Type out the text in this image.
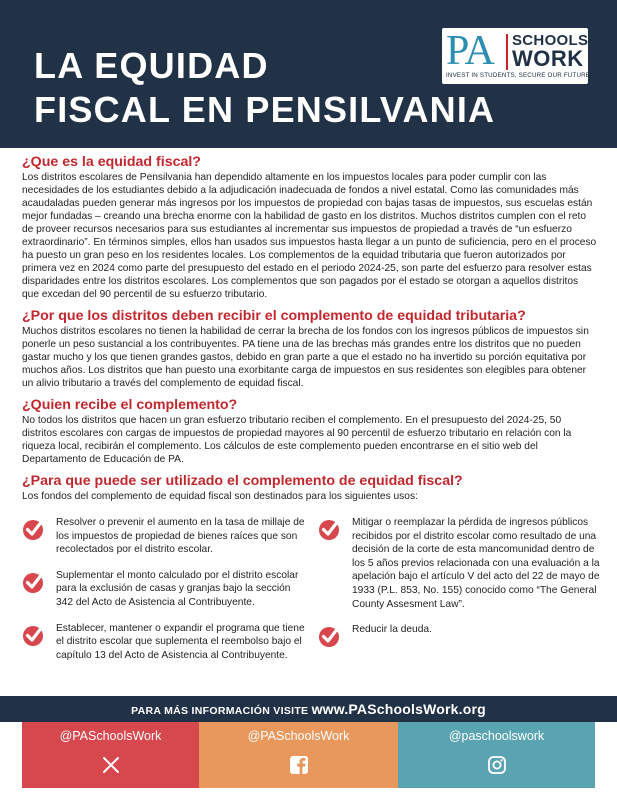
LA EQUIDAD
FISCAL EN PENSILVANIA
PA SCHOOLS
WORK
INVEST IN STUDENTS, SECURE OUR FUTURE
¿Que es la equidad fiscal?

Los distritos escolares de Pensilvania han dependido altamente en los impuestos locales para poder cumplir con las necesidades de los estudiantes debido a la adjudicación inadecuada de fondos a nivel estatal. Como las comunidades más acaudaladas pueden generar más ingresos por los impuestos de propiedad con bajas tasas de impuestos, sus escuelas están mejor fundadas – creando una brecha enorme con la habilidad de gasto en los distritos. Muchos distritos cumplen con el reto de proveer recursos necesarios para sus estudiantes al incrementar sus impuestos de propiedad a través de “un esfuerzo extraordinario”. En términos simples, ellos han usados sus impuestos hasta llegar a un punto de suficiencia, pero en el proceso ha puesto un gran peso en los residentes locales. Los complementos de la equidad tributaria que fueron autorizados por primera vez en 2024 como parte del presupuesto del estado en el periodo 2024-25, son parte del esfuerzo para resolver estas disparidades entre los distritos escolares. Los complementos que son pagados por el estado se otorgan a aquellos distritos que excedan del 90 percentil de su esfuerzo tributario.

¿Por que los distritos deben recibir el complemento de equidad tributaria?

Muchos distritos escolares no tienen la habilidad de cerrar la brecha de los fondos con los ingresos públicos de impuestos sin ponerle un peso sustancial a los contribuyentes. PA tiene una de las brechas más grandes entre los distritos que no pueden gastar mucho y los que tienen grandes gastos, debido en gran parte a que el estado no ha invertido su porción equitativa por muchos años. Los distritos que han puesto una exorbitante carga de impuestos en sus residentes son elegibles para obtener un alivio tributario a través del complemento de equidad fiscal.

¿Quien recibe el complemento?

No todos los distritos que hacen un gran esfuerzo tributario reciben el complemento. En el presupuesto del 2024-25, 50 distritos escolares con cargas de impuestos de propiedad mayores al 90 percentil de esfuerzo tributario en relación con la riqueza local, recibirán el complemento. Los cálculos de este complemento pueden encontrarse en el sitio web del Departamento de Educación de PA.

¿Para que puede ser utilizado el complemento de equidad fiscal?

Los fondos del complemento de equidad fiscal son destinados para los siguientes usos:

Resolver o prevenir el aumento en la tasa de millaje de los impuestos de propiedad de bienes raíces que son recolectados por el distrito escolar.
Suplementar el monto calculado por el distrito escolar para la exclusión de casas y granjas bajo la sección 342 del Acto de Asistencia al Contribuyente.
Establecer, mantener o expandir el programa que tiene el distrito escolar que suplementa el reembolso bajo el capítulo 13 del Acto de Asistencia al Contribuyente.
Mitigar o reemplazar la pérdida de ingresos públicos recibidos por el distrito escolar como resultado de una decisión de la corte de esta mancomunidad dentro de los 5 años previos relacionada con una evaluación a la apelación bajo el artículo V del acto del 22 de mayo de 1933 (P.L. 853, No. 155) conocido como “The General County Assesment Law”.
Reducir la deuda.
PARA MÁS INFORMACIÓN VISITE www.PASchoolsWork.org
@PASchoolsWork	@PASchoolsWork	@paschoolswork
